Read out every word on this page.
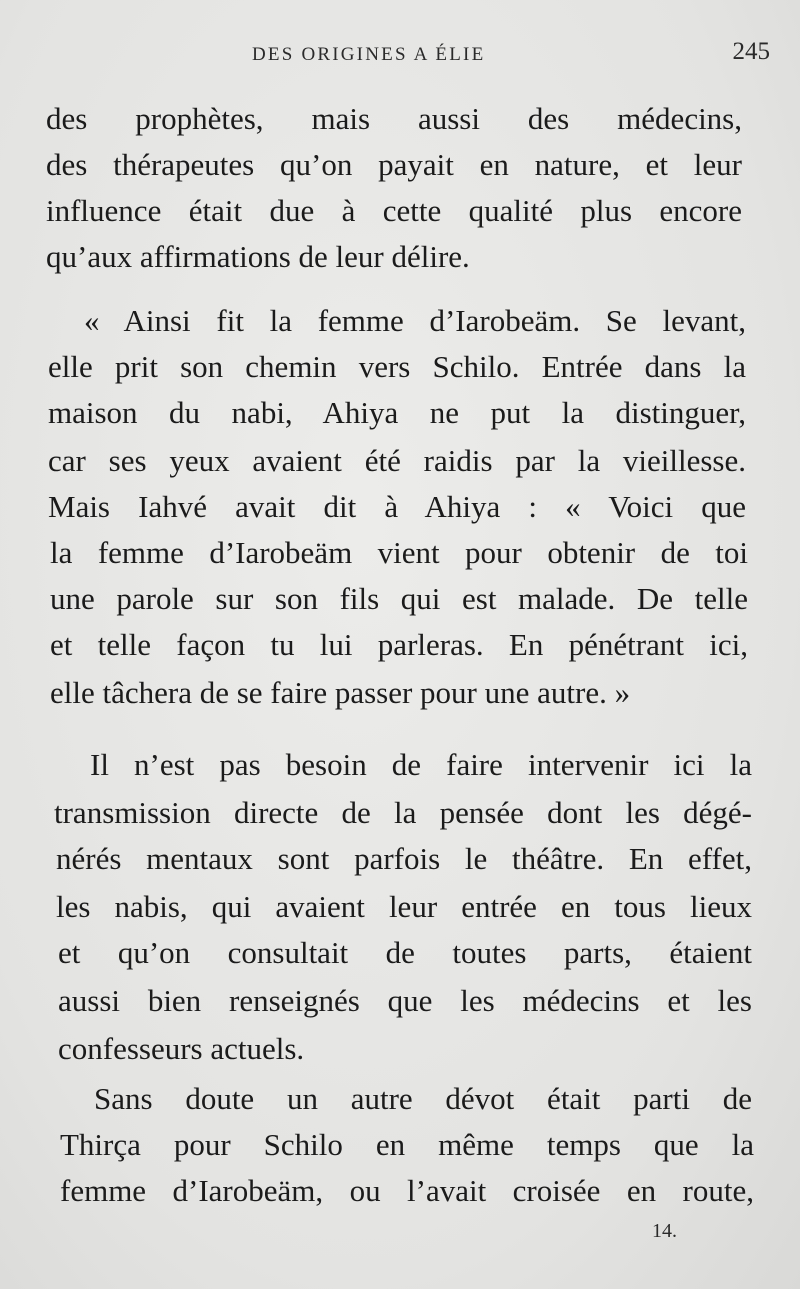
DES ORIGINES A ÉLIE	245
des prophètes, mais aussi des médecins,
des thérapeutes qu’on payait en nature, et leur
influence était due à cette qualité plus encore
qu’aux affirmations de leur délire.
« Ainsi fit la femme d’Iarobeäm. Se levant,
elle prit son chemin vers Schilo. Entrée dans la
maison du nabi, Ahiya ne put la distinguer,
car ses yeux avaient été raidis par la vieillesse.
Mais Iahvé avait dit à Ahiya : « Voici que
la femme d’Iarobeäm vient pour obtenir de toi
une parole sur son fils qui est malade. De telle
et telle façon tu lui parleras. En pénétrant ici,
elle tâchera de se faire passer pour une autre. »
Il n’est pas besoin de faire intervenir ici la
transmission directe de la pensée dont les dégé-
nérés mentaux sont parfois le théâtre. En effet,
les nabis, qui avaient leur entrée en tous lieux
et qu’on consultait de toutes parts, étaient
aussi bien renseignés que les médecins et les
confesseurs actuels.
Sans doute un autre dévot était parti de
Thirça pour Schilo en même temps que la
femme d’Iarobeäm, ou l’avait croisée en route,
14.
